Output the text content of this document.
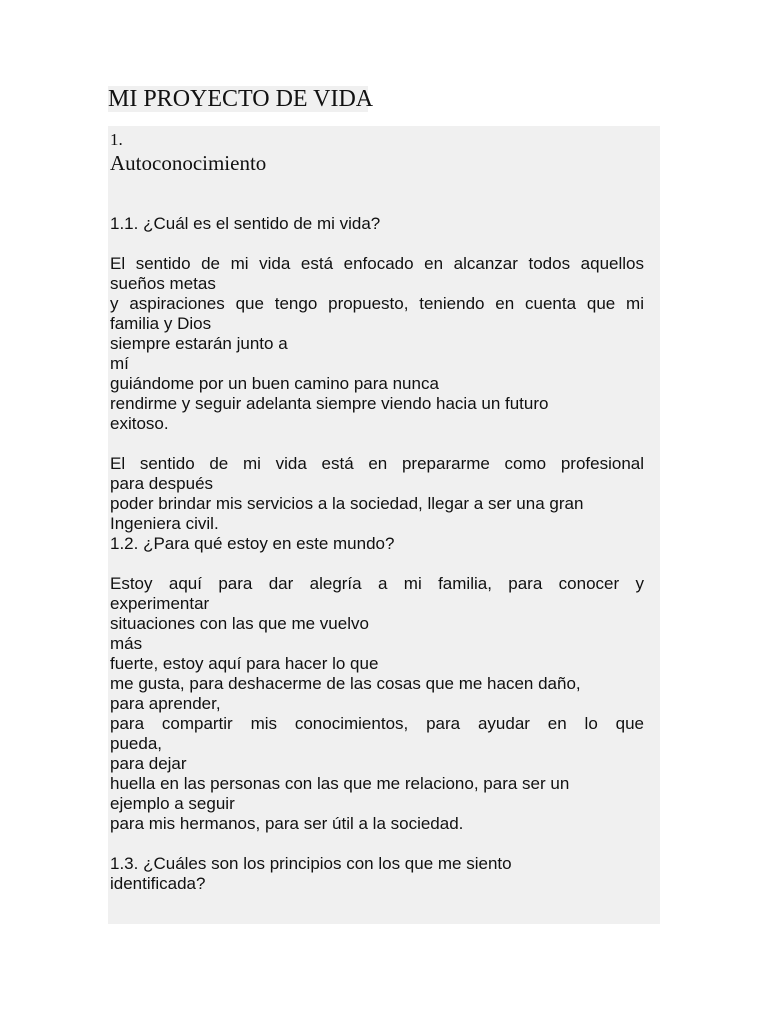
MI PROYECTO DE VIDA

1.

Autoconocimiento

1.1. ¿Cuál es el sentido de mi vida?

El sentido de mi vida está enfocado en alcanzar todos aquellos

sueños metas

y aspiraciones que tengo propuesto, teniendo en cuenta que mi

familia y Dios

siempre estarán junto a

mí

guiándome por un buen camino para nunca

rendirme y seguir adelanta siempre viendo hacia un futuro

exitoso.

El sentido de mi vida está en prepararme como profesional

para después

poder brindar mis servicios a la sociedad, llegar a ser una gran

Ingeniera civil.

1.2. ¿Para qué estoy en este mundo?

Estoy aquí para dar alegría a mi familia, para conocer y

experimentar

situaciones con las que me vuelvo

más

fuerte, estoy aquí para hacer lo que

me gusta, para deshacerme de las cosas que me hacen daño,

para aprender,

para compartir mis conocimientos, para ayudar en lo que

pueda,

para dejar

huella en las personas con las que me relaciono, para ser un

ejemplo a seguir

para mis hermanos, para ser útil a la sociedad.

1.3. ¿Cuáles son los principios con los que me siento

identificada?
